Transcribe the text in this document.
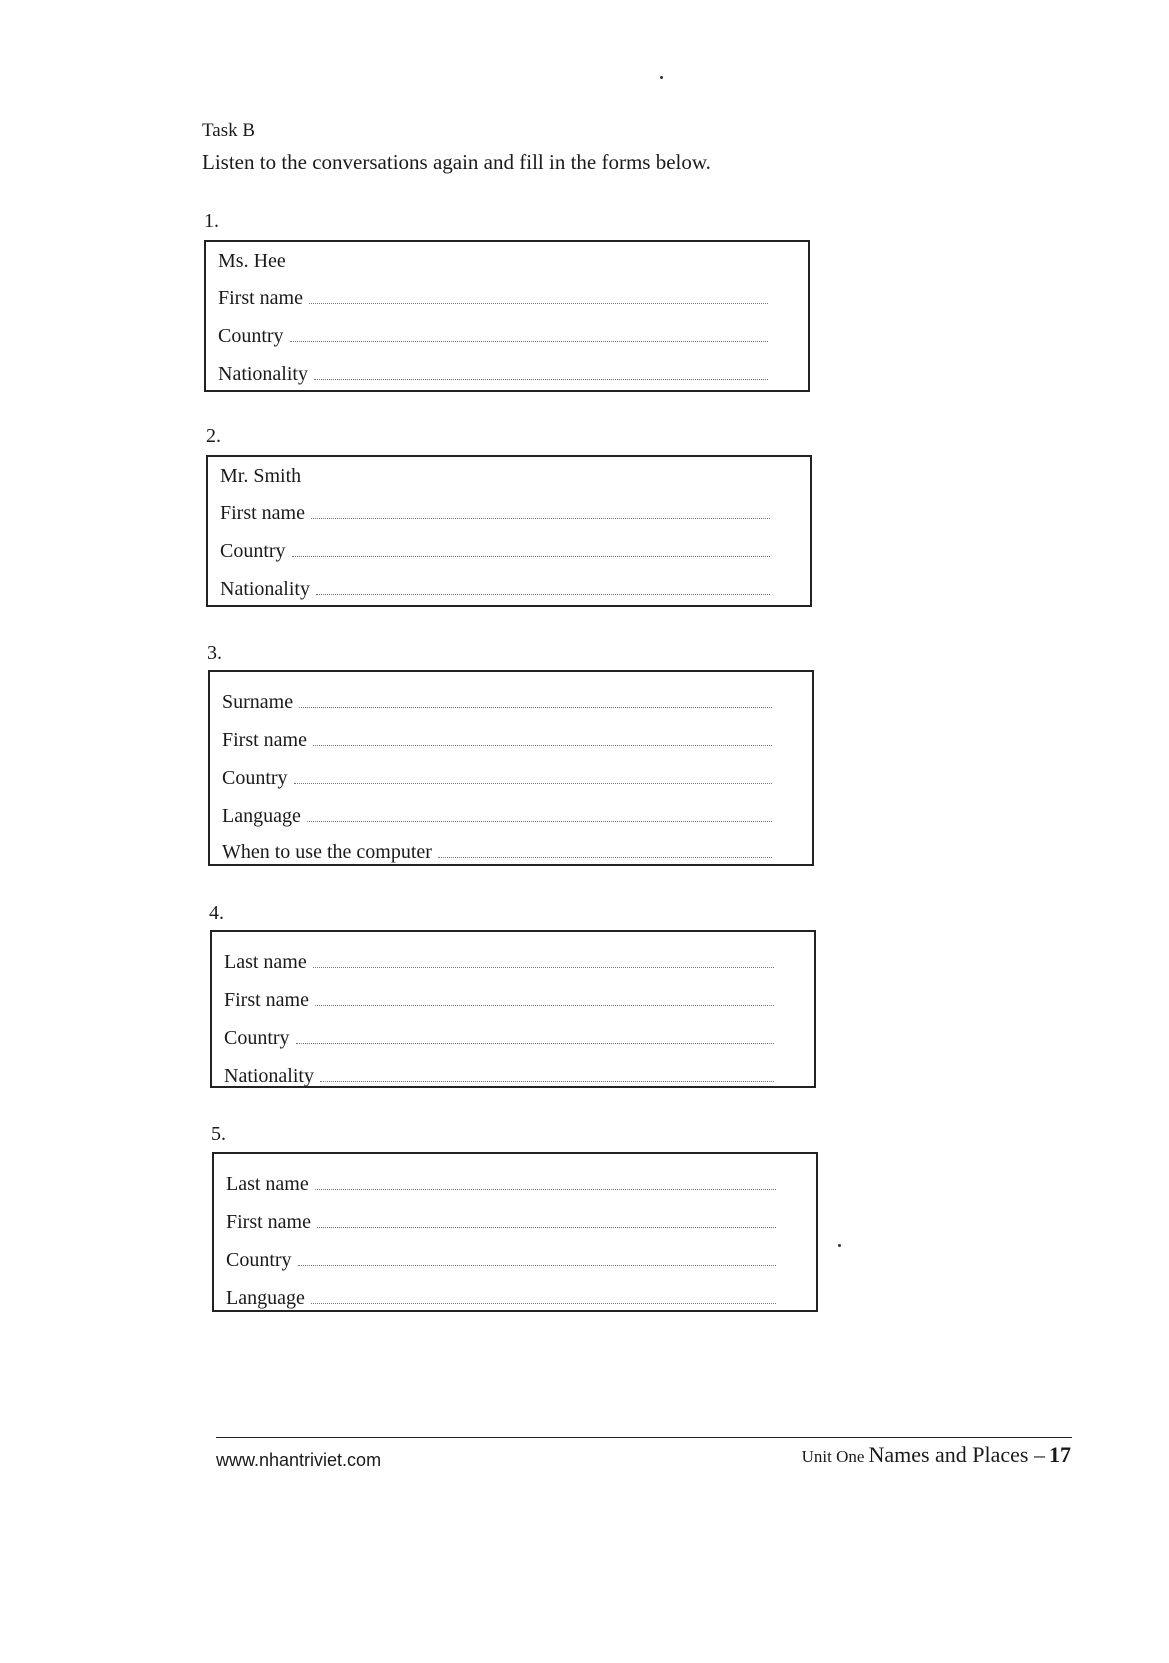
Task B
Listen to the conversations again and fill in the forms below.
1.
Ms. Hee
First name
Country
Nationality
2.
Mr. Smith
First name
Country
Nationality
3.
Surname
First name
Country
Language
When to use the computer
4.
Last name
First name
Country
Nationality
5.
Last name
First name
Country
Language
www.nhantriviet.com	Unit One Names and Places – 17
